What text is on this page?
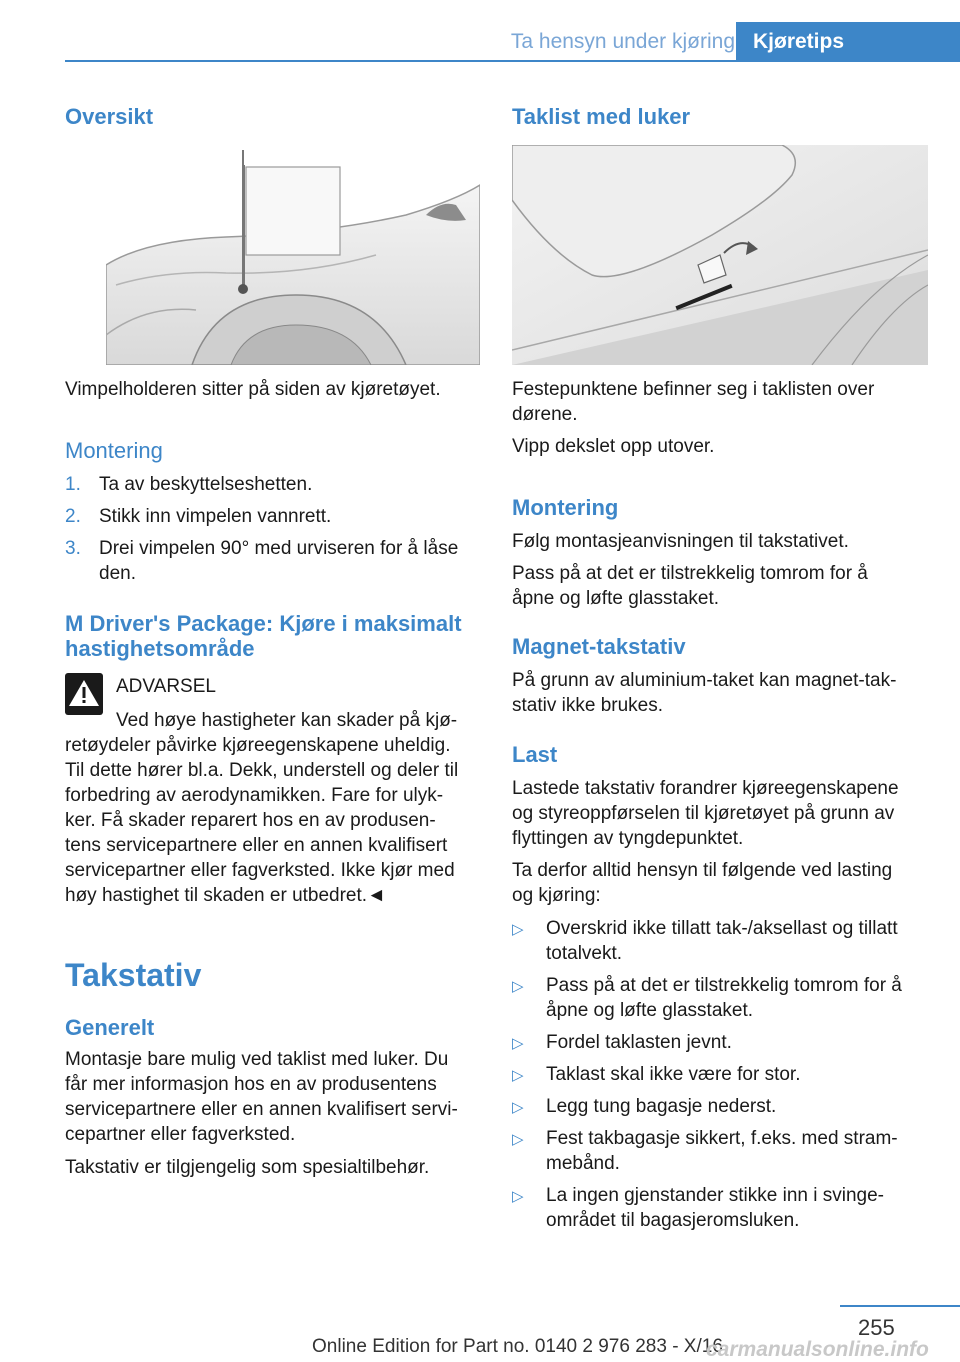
Ta hensyn under kjøring Kjøretips
Oversikt
Vimpelholderen sitter på siden av kjøretøyet.
Montering
1. Ta av beskyttelseshetten.
2. Stikk inn vimpelen vannrett.
3. Drei vimpelen 90° med urviseren for å låse
den.
M Driver's Package: Kjøre i maksimalt
hastighetsområde
ADVARSEL
Ved høye hastigheter kan skader på kjø‐
retøydeler påvirke kjøreegenskapene uheldig.
Til dette hører bl.a. Dekk, understell og deler til
forbedring av aerodynamikken. Fare for ulyk‐
ker. Få skader reparert hos en av produsen‐
tens servicepartnere eller en annen kvalifisert
servicepartner eller fagverksted. Ikke kjør med
høy hastighet til skaden er utbedret.◄
Takstativ
Generelt
Montasje bare mulig ved taklist med luker. Du
får mer informasjon hos en av produsentens
servicepartnere eller en annen kvalifisert servi‐
cepartner eller fagverksted.
Takstativ er tilgjengelig som spesialtilbehør.
Taklist med luker
Festepunktene befinner seg i taklisten over
dørene.
Vipp dekslet opp utover.
Montering
Følg montasjeanvisningen til takstativet.
Pass på at det er tilstrekkelig tomrom for å
åpne og løfte glasstaket.
Magnet-takstativ
På grunn av aluminium-taket kan magnet-tak‐
stativ ikke brukes.
Last
Lastede takstativ forandrer kjøreegenskapene
og styreoppførselen til kjøretøyet på grunn av
flyttingen av tyngdepunktet.
Ta derfor alltid hensyn til følgende ved lasting
og kjøring:
▷ Overskrid ikke tillatt tak-/aksellast og tillatt
totalvekt.
▷ Pass på at det er tilstrekkelig tomrom for å
åpne og løfte glasstaket.
▷ Fordel taklasten jevnt.
▷ Taklast skal ikke være for stor.
▷ Legg tung bagasje nederst.
▷ Fest takbagasje sikkert, f.eks. med stram‐
mebånd.
▷ La ingen gjenstander stikke inn i svinge‐
området til bagasjeromsluken.
255
Online Edition for Part no. 0140 2 976 283 - X/16
carmanualsonline.info
